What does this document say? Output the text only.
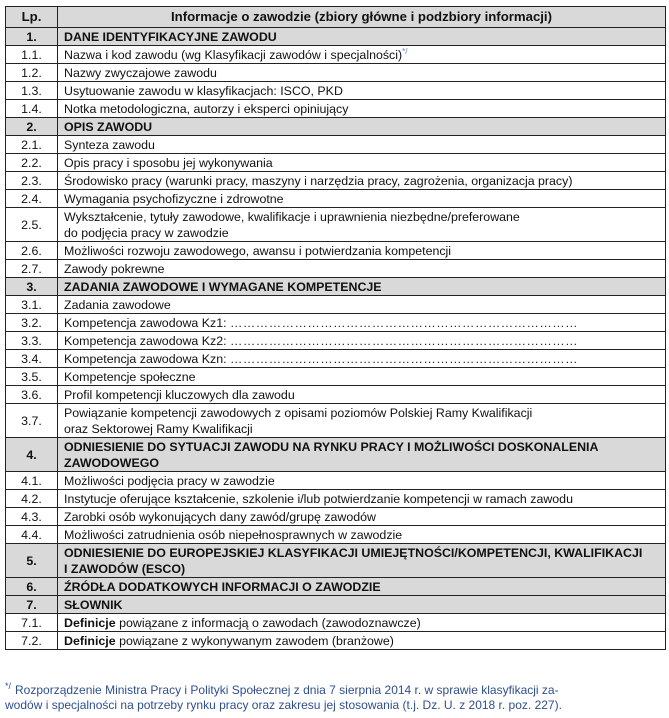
Lp.	Informacje o zawodzie (zbiory główne i podzbiory informacji)
1.	DANE IDENTYFIKACYJNE ZAWODU
1.1.	Nazwa i kod zawodu (wg Klasyfikacji zawodów i specjalności)*/
1.2.	Nazwy zwyczajowe zawodu
1.3.	Usytuowanie zawodu w klasyfikacjach: ISCO, PKD
1.4.	Notka metodologiczna, autorzy i eksperci opiniujący
2.	OPIS ZAWODU
2.1.	Synteza zawodu
2.2.	Opis pracy i sposobu jej wykonywania
2.3.	Środowisko pracy (warunki pracy, maszyny i narzędzia pracy, zagrożenia, organizacja pracy)
2.4.	Wymagania psychofizyczne i zdrowotne
2.5.	Wykształcenie, tytuły zawodowe, kwalifikacje i uprawnienia niezbędne/preferowane
do podjęcia pracy w zawodzie
2.6.	Możliwości rozwoju zawodowego, awansu i potwierdzania kompetencji
2.7.	Zawody pokrewne
3.	ZADANIA ZAWODOWE I WYMAGANE KOMPETENCJE
3.1.	Zadania zawodowe
3.2.	Kompetencja zawodowa Kz1: ………………………………………………………………………
3.3.	Kompetencja zawodowa Kz2: ………………………………………………………………………
3.4.	Kompetencja zawodowa Kzn: ………………………………………………………………………
3.5.	Kompetencje społeczne
3.6.	Profil kompetencji kluczowych dla zawodu
3.7.	Powiązanie kompetencji zawodowych z opisami poziomów Polskiej Ramy Kwalifikacji
oraz Sektorowej Ramy Kwalifikacji
4.	ODNIESIENIE DO SYTUACJI ZAWODU NA RYNKU PRACY I MOŻLIWOŚCI DOSKONALENIA
ZAWODOWEGO
4.1.	Możliwości podjęcia pracy w zawodzie
4.2.	Instytucje oferujące kształcenie, szkolenie i/lub potwierdzanie kompetencji w ramach zawodu
4.3.	Zarobki osób wykonujących dany zawód/grupę zawodów
4.4.	Możliwości zatrudnienia osób niepełnosprawnych w zawodzie
5.	ODNIESIENIE DO EUROPEJSKIEJ KLASYFIKACJI UMIEJĘTNOŚCI/KOMPETENCJI, KWALIFIKACJI
I ZAWODÓW (ESCO)
6.	ŹRÓDŁA DODATKOWYCH INFORMACJI O ZAWODZIE
7.	SŁOWNIK
7.1.	Definicje powiązane z informacją o zawodach (zawodoznawcze)
7.2.	Definicje powiązane z wykonywanym zawodem (branżowe)
*/ Rozporządzenie Ministra Pracy i Polityki Społecznej z dnia 7 sierpnia 2014 r. w sprawie klasyfikacji za-
wodów i specjalności na potrzeby rynku pracy oraz zakresu jej stosowania (t.j. Dz. U. z 2018 r. poz. 227).
